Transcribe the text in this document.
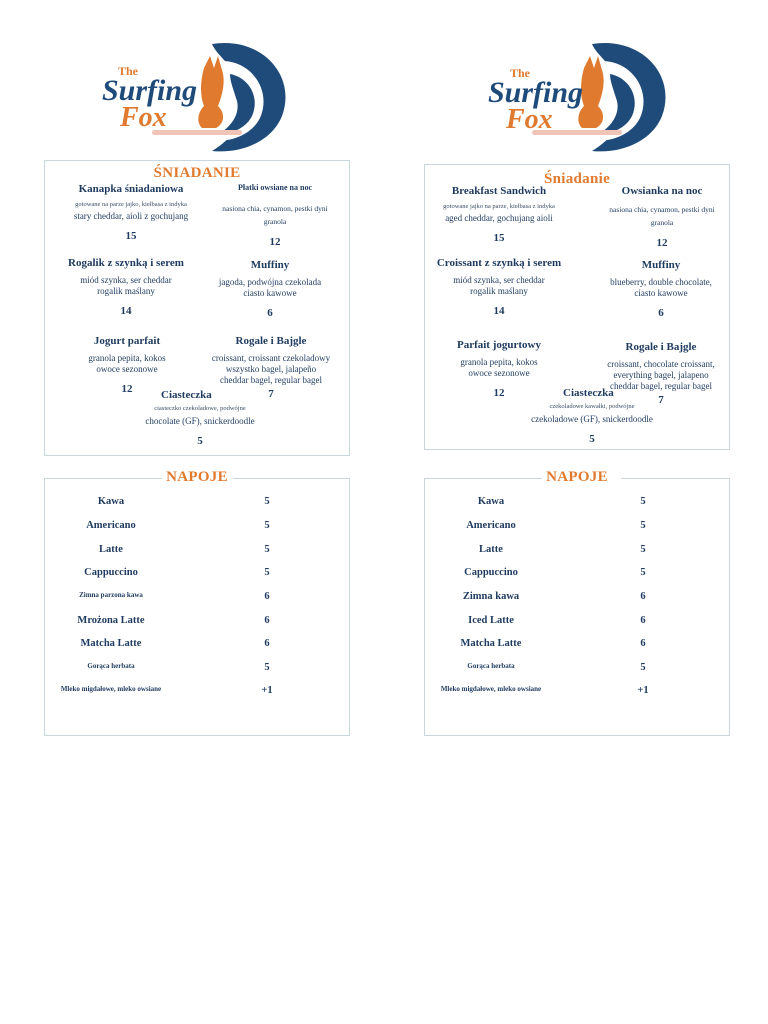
The
Surfing
Fox
ŚNIADANIE
Kanapka śniadaniowa
gotowane na parze jajko, kiełbasa z indyka
stary cheddar, aioli z gochujang
15
Płatki owsiane na noc
nasiona chia, cynamon, pestki dyni
granola
12
Rogalik z szynką i serem
miód szynka, ser cheddar
rogalik maślany
14
Muffiny
jagoda, podwójna czekolada
ciasto kawowe
6
Jogurt parfait
granola pepita, kokos
owoce sezonowe
12
Rogale i Bajgle
croissant, croissant czekoladowy
wszystko bagel, jalapeño
cheddar bagel, regular bagel
7
Ciasteczka
ciasteczko czekoladowe, podwójne
chocolate (GF), snickerdoodle
5
NAPOJE
Kawa	5
Americano	5
Latte	5
Cappuccino	5
Zimna parzona kawa	6
Mrożona Latte	6
Matcha Latte	6
Gorąca herbata	5
Mleko migdałowe, mleko owsiane	+1
The
Surfing
Fox
Śniadanie
Breakfast Sandwich
gotowane jajko na parze, kiełbasa z indyka
aged cheddar, gochujang aioli
15
Owsianka na noc
nasiona chia, cynamon, pestki dyni
granola
12
Croissant z szynką i serem
miód szynka, ser cheddar
rogalik maślany
14
Muffiny
blueberry, double chocolate,
ciasto kawowe
6
Parfait jogurtowy
granola pepita, kokos
owoce sezonowe
12
Rogale i Bajgle
croissant, chocolate croissant,
everything bagel, jalapeno
cheddar bagel, regular bagel
7
Ciasteczka
czekoladowe kawałki, podwójne
czekoladowe (GF), snickerdoodle
5
NAPOJE
Kawa	5
Americano	5
Latte	5
Cappuccino	5
Zimna kawa	6
Iced Latte	6
Matcha Latte	6
Gorąca herbata	5
Mleko migdałowe, mleko owsiane	+1
